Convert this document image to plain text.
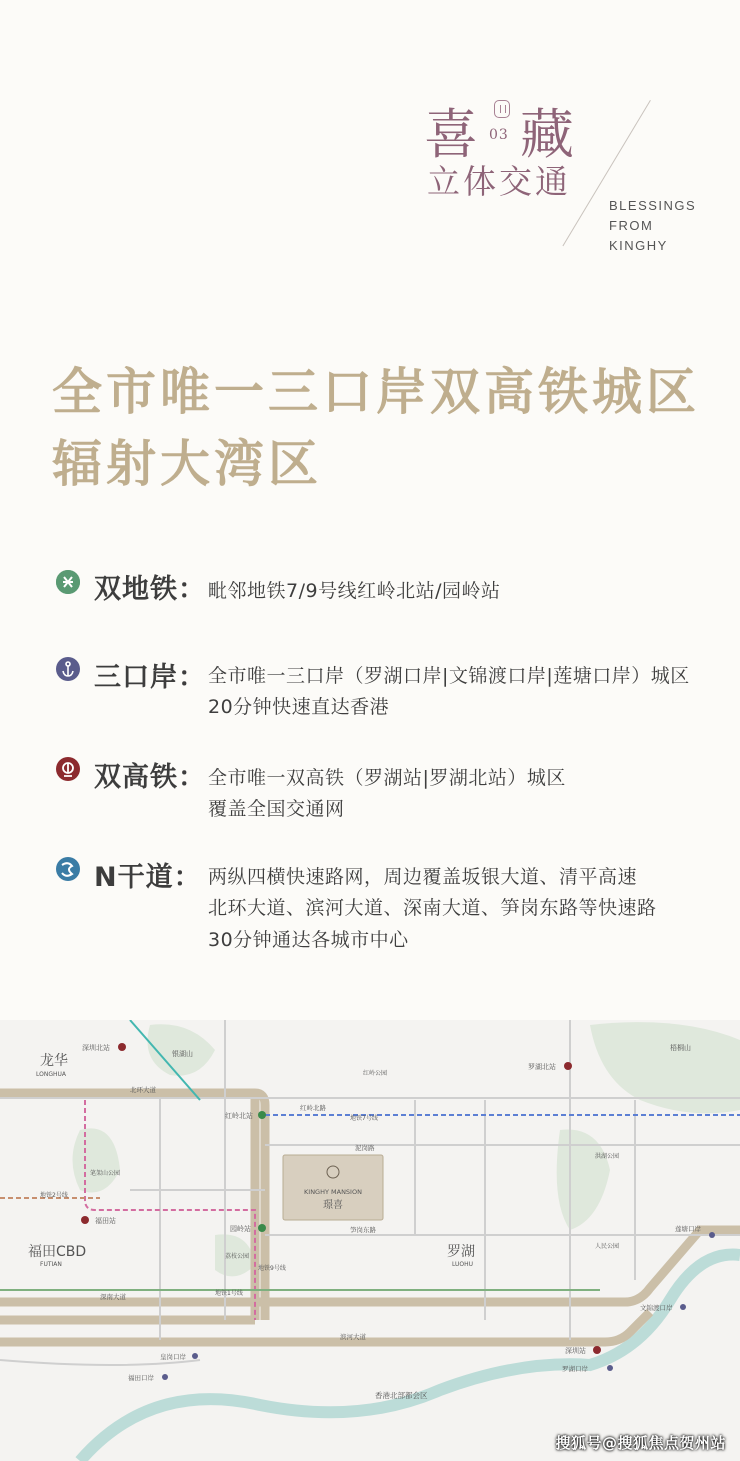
喜 03 藏
立体交通
BLESSINGS
FROM
KINGHY
全市唯一三口岸双高铁城区
辐射大湾区
双地铁： 毗邻地铁7/9号线红岭北站/园岭站
三口岸： 全市唯一三口岸（罗湖口岸|文锦渡口岸|莲塘口岸）城区
20分钟快速直达香港
双高铁： 全市唯一双高铁（罗湖站|罗湖北站）城区
覆盖全国交通网
N干道： 两纵四横快速路网，周边覆盖坂银大道、清平高速
北环大道、滨河大道、深南大道、笋岗东路等快速路
30分钟通达各城市中心
KINGHY MANSION
璟喜
龙华
LONGHUA
福田CBD
FUTIAN
罗湖
LUOHU
深圳北站
福田站
罗湖北站
深圳站
红岭北站
园岭站
北环大道
深南大道
滨河大道
笋岗东路
泥岗路
红岭北路
地铁7号线
地铁9号线
地铁1号线
地铁2号线
皇岗口岸
福田口岸
罗湖口岸
文锦渡口岸
莲塘口岸
银湖山
梧桐山
香港北部都会区
红岭公园
洪湖公园
人民公园
笔架山公园
荔枝公园
搜狐号@搜狐焦点贺州站
